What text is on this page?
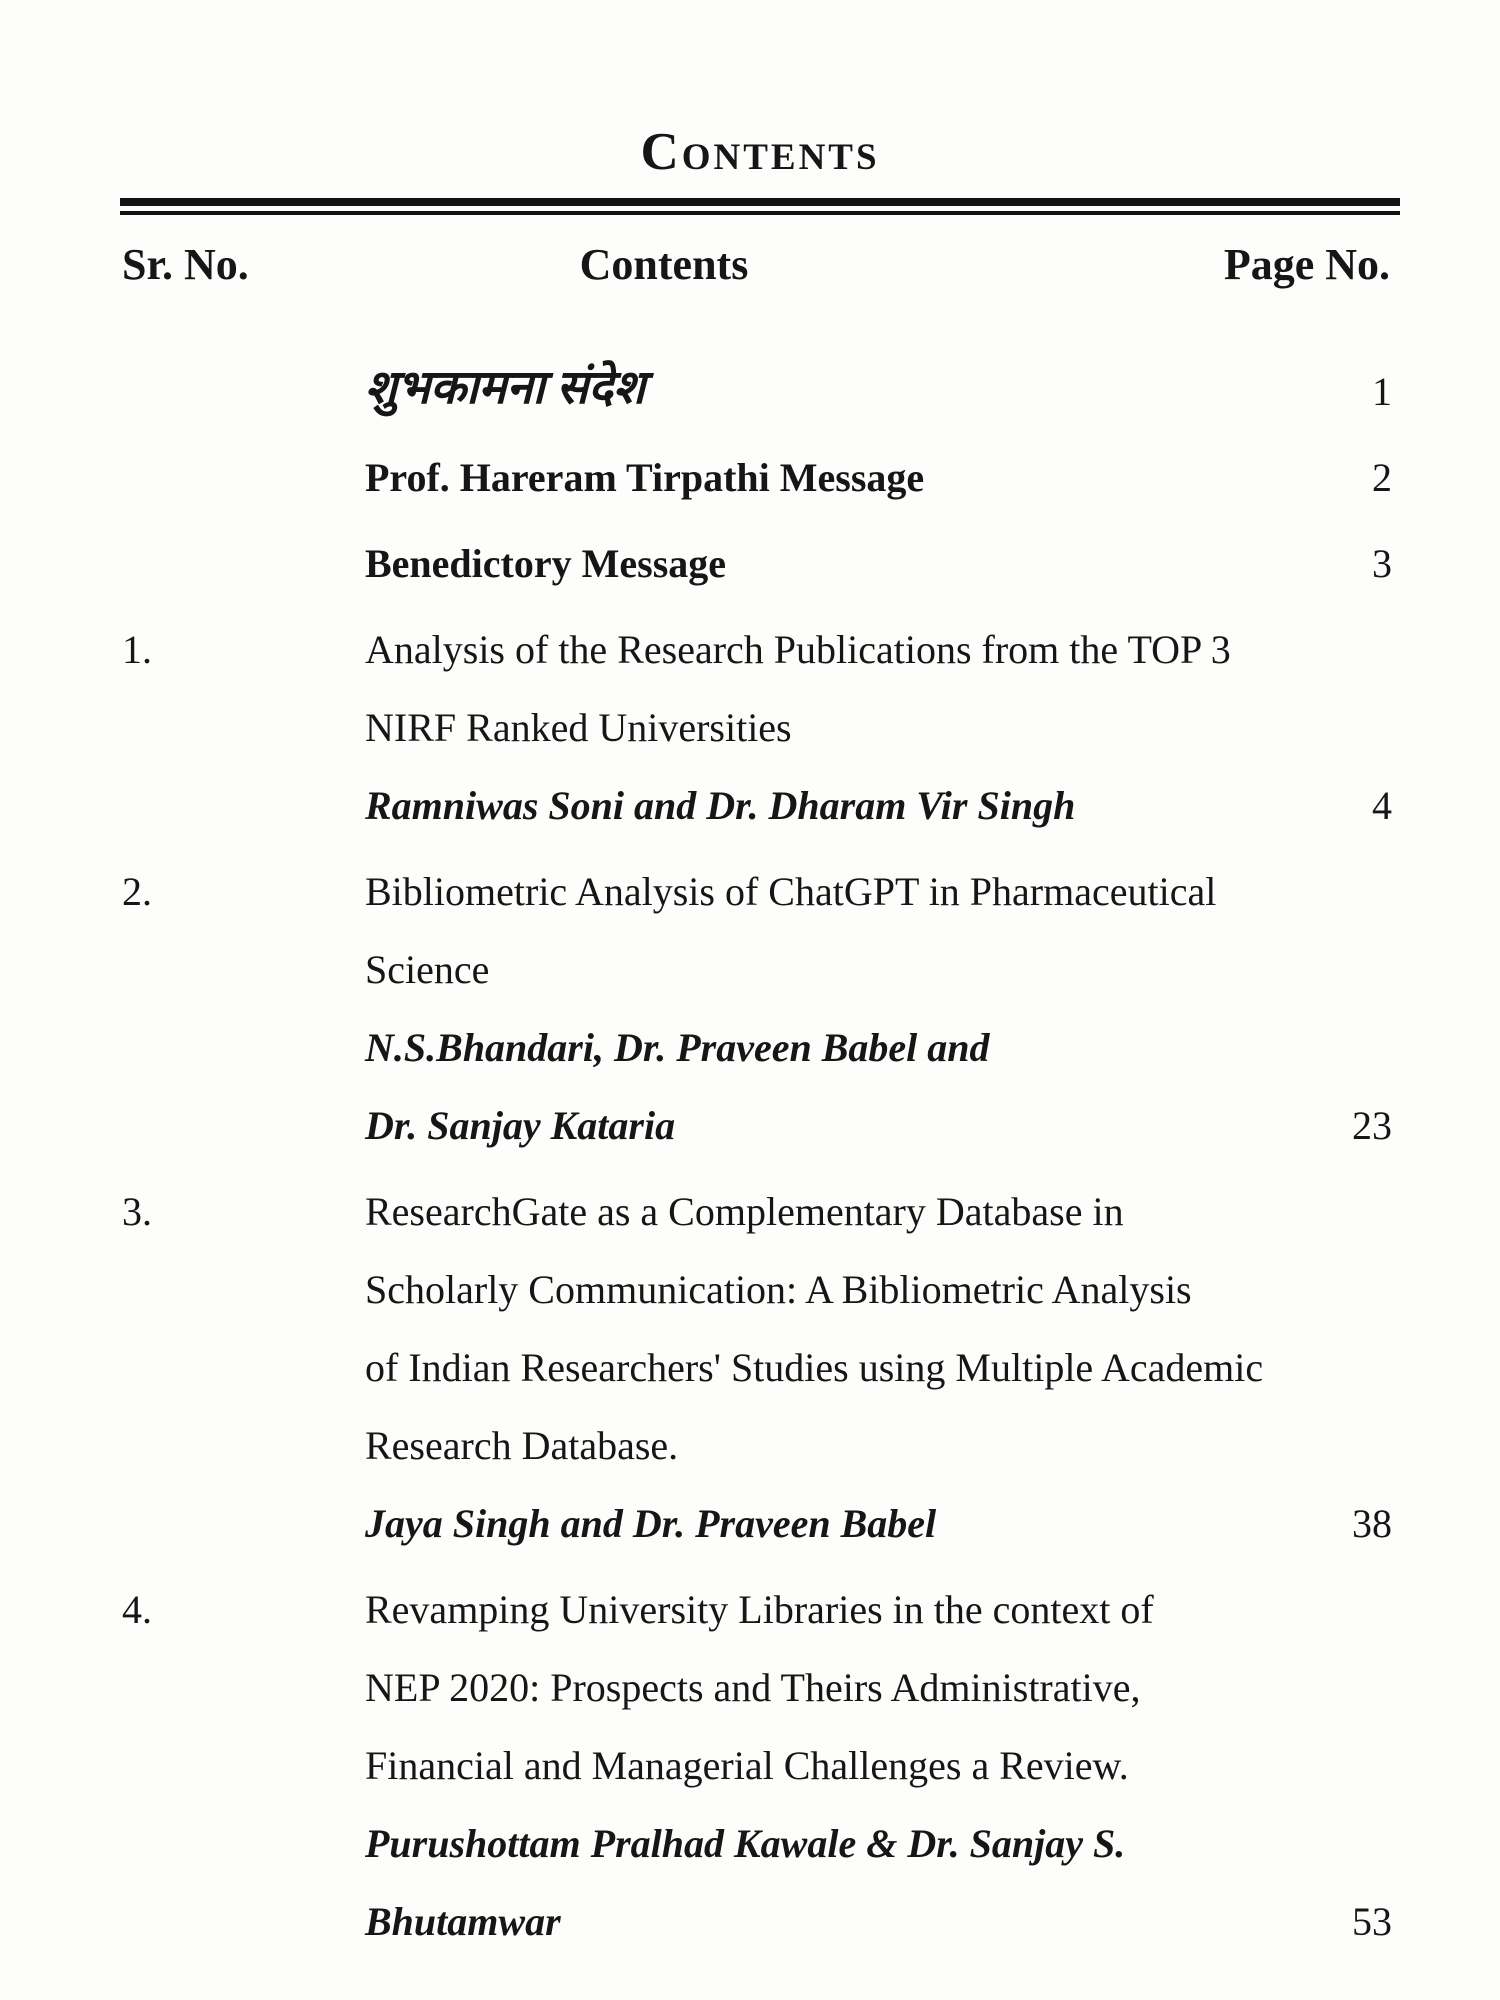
Contents
Sr. No.	Contents	Page No.
शुभकामना संदेश	1
Prof. Hareram Tirpathi Message	2
Benedictory Message	3
1.	Analysis of the Research Publications from the TOP 3
NIRF Ranked Universities
Ramniwas Soni and Dr. Dharam Vir Singh	4
2.	Bibliometric Analysis of ChatGPT in Pharmaceutical
Science
N.S.Bhandari, Dr. Praveen Babel and
Dr. Sanjay Kataria	23
3.	ResearchGate as a Complementary Database in
Scholarly Communication: A Bibliometric Analysis
of Indian Researchers' Studies using Multiple Academic
Research Database.
Jaya Singh and Dr. Praveen Babel	38
4.	Revamping University Libraries in the context of
NEP 2020: Prospects and Theirs Administrative,
Financial and Managerial Challenges a Review.
Purushottam Pralhad Kawale & Dr. Sanjay S.
Bhutamwar	53
